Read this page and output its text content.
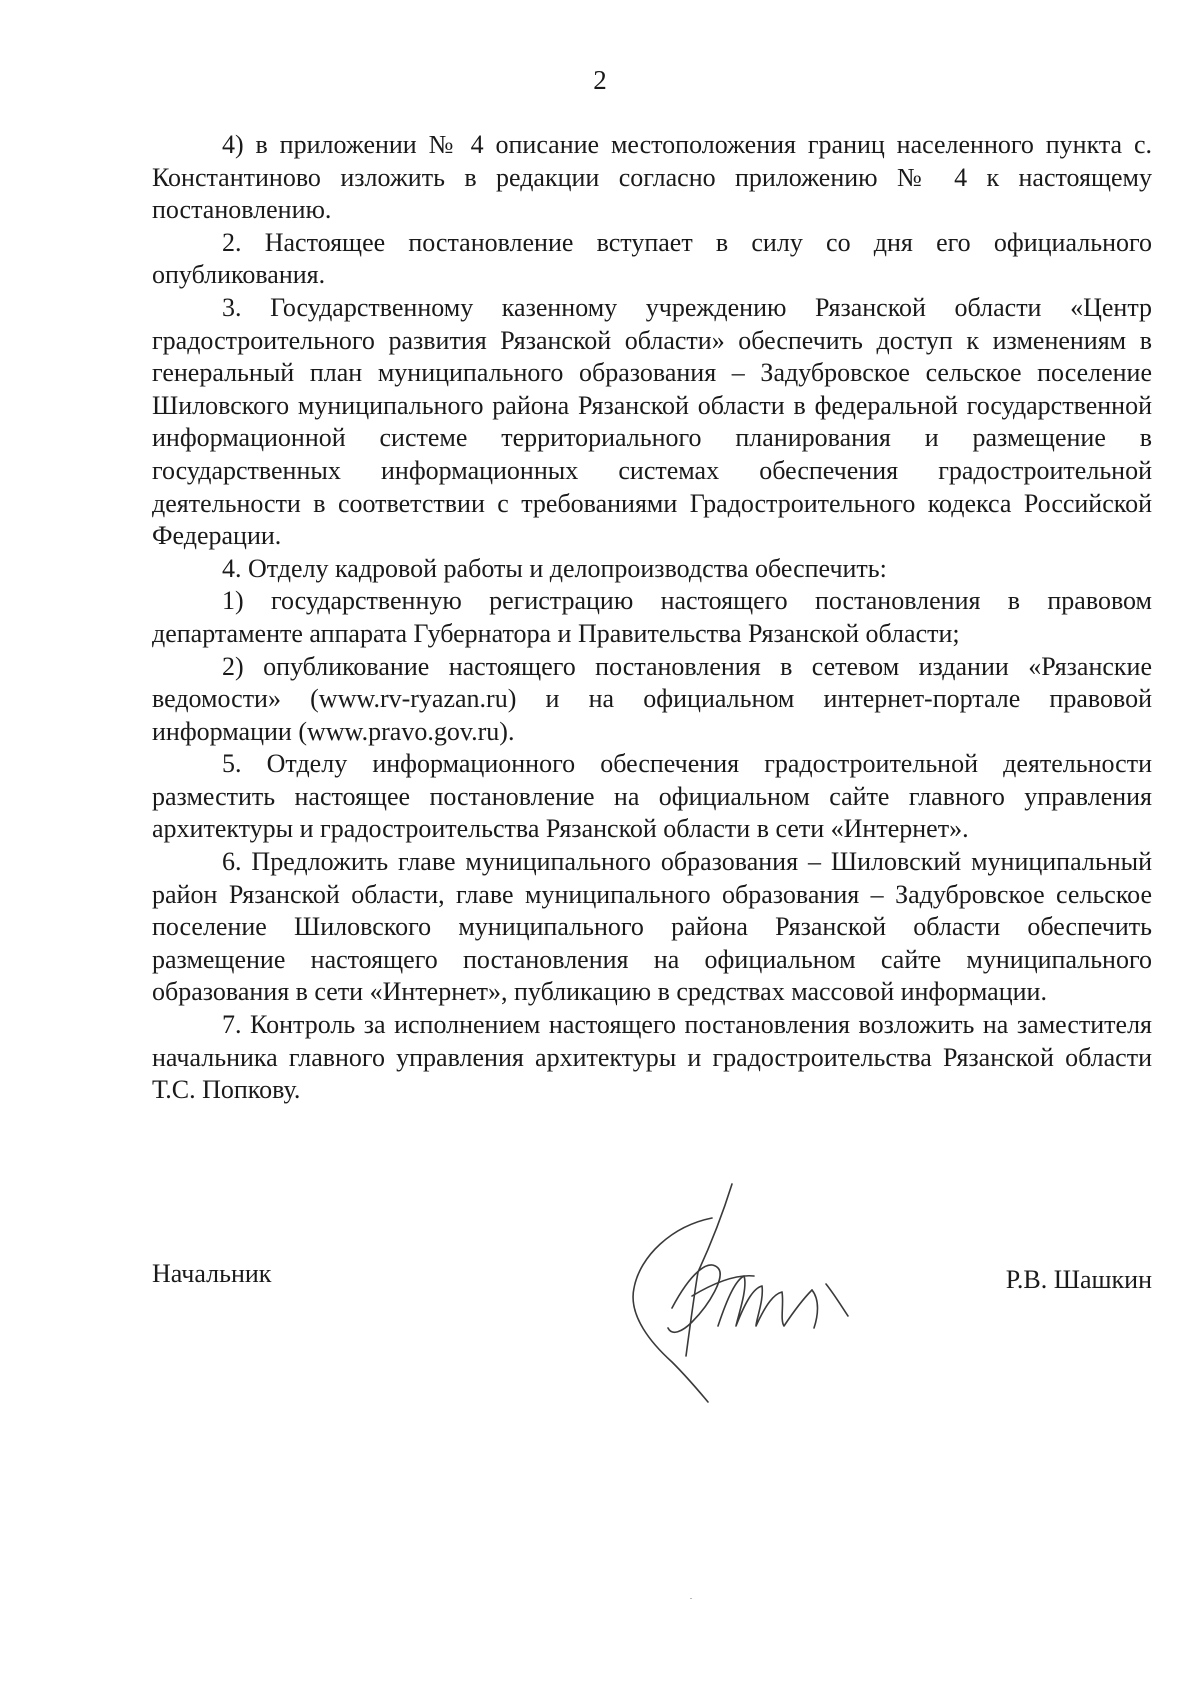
2

4) в приложении № 4 описание местоположения границ населенного пункта с. Константиново изложить в редакции согласно приложению № 4 к настоящему постановлению.

2. Настоящее постановление вступает в силу со дня его официального опубликования.

3. Государственному казенному учреждению Рязанской области «Центр градостроительного развития Рязанской области» обеспечить доступ к изменениям в генеральный план муниципального образования – Задубровское сельское поселение Шиловского муниципального района Рязанской области в федеральной государственной информационной системе территориального планирования и размещение в государственных информационных системах обеспечения градостроительной деятельности в соответствии с требованиями Градостроительного кодекса Российской Федерации.

4. Отделу кадровой работы и делопроизводства обеспечить:

1) государственную регистрацию настоящего постановления в правовом департаменте аппарата Губернатора и Правительства Рязанской области;

2) опубликование настоящего постановления в сетевом издании «Рязанские ведомости» (www.rv-ryazan.ru) и на официальном интернет-портале правовой информации (www.pravo.gov.ru).

5. Отделу информационного обеспечения градостроительной деятельности разместить настоящее постановление на официальном сайте главного управления архитектуры и градостроительства Рязанской области в сети «Интернет».

6. Предложить главе муниципального образования – Шиловский муниципальный район Рязанской области, главе муниципального образования – Задубровское сельское поселение Шиловского муниципального района Рязанской области обеспечить размещение настоящего постановления на официальном сайте муниципального образования в сети «Интернет», публикацию в средствах массовой информации.

7. Контроль за исполнением настоящего постановления возложить на заместителя начальника главного управления архитектуры и градостроительства Рязанской области Т.С. Попкову.

Начальник	Р.В. Шашкин
